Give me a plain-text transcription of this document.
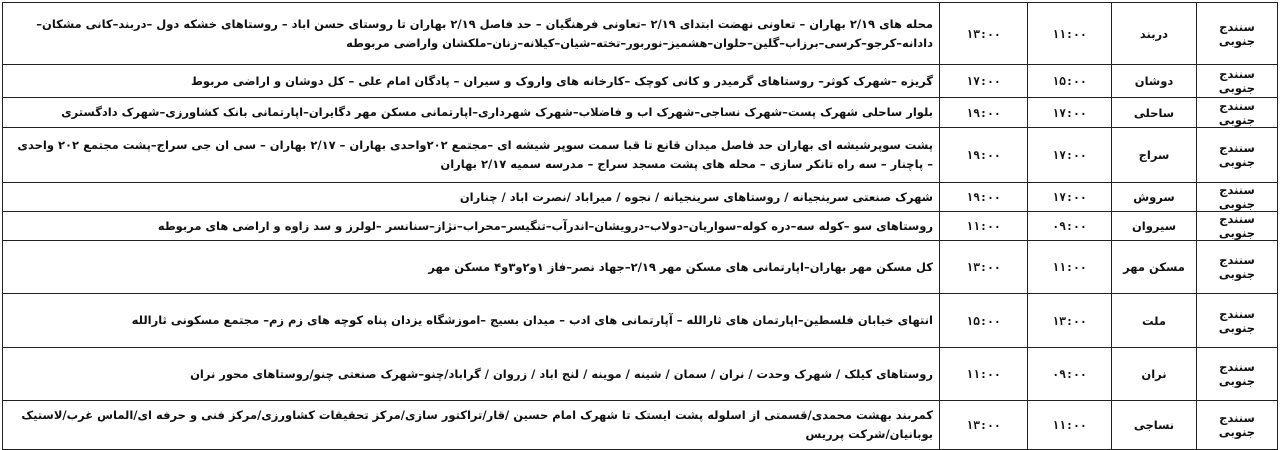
سنندج جنوبی	دربند	۱۱:۰۰	۱۳:۰۰	محله های ۲/۱۹ بهاران – تعاونی نهضت ابتدای ۲/۱۹ –تعاونی فرهنگیان – حد فاصل ۲/۱۹ بهاران تا روستای حسن اباد – روستاهای خشکه دول –دربند–کانی مشکان–دادانه–کرجو–کرسی–برزاب–گلین–حلوان–هشمیز–نوربور–تخته–شیان–کیلانه–زنان–ملکشان واراضی مربوطه
سنندج جنوبی	دوشان	۱۵:۰۰	۱۷:۰۰	گریزه –شهرک کوثر– روستاهای گرمیدر و کانی کوچک –کارخانه های واروک و سیران – پادگان امام علی – کل دوشان و اراضی مربوط
سنندج جنوبی	ساحلی	۱۷:۰۰	۱۹:۰۰	بلوار ساحلی شهرک پست–شهرک نساجی–شهرک اب و فاضلاب–شهرک شهرداری–اپارتمانی مسکن مهر دگایران–اپارتمانی بانک کشاورزی–شهرک دادگستری
سنندج جنوبی	سراج	۱۷:۰۰	۱۹:۰۰	پشت سوپرشیشه ای بهاران حد فاصل میدان قانع تا قبا سمت سوپر شیشه ای –مجتمع ۲۰۲واحدی بهاران – ۲/۱۷ بهاران – سی ان جی سراج–پشت مجتمع ۲۰۲ واحدی – پاچنار – سه راه تانکر سازی – محله های پشت مسجد سراج – مدرسه سمیه ۲/۱۷ بهاران
سنندج جنوبی	سروش	۱۷:۰۰	۱۹:۰۰	شهرک صنعتی سرینجیانه / روستاهای سرینجیانه / نجوه / میراباد /نصرت اباد / چناران
سنندج جنوبی	سیروان	۰۹:۰۰	۱۱:۰۰	روستاهای سو –کوله سه–دره کوله–سواریان–دولاب–درویشان–اندرآب–تنگیسر–محراب–نژاز–سنانسر –لولرز و سد زاوه و اراضی های مربوطه
سنندج جنوبی	مسکن مهر	۱۱:۰۰	۱۳:۰۰	کل مسکن مهر بهاران–اپارتمانی های مسکن مهر ۲/۱۹–جهاد نصر–فاز ۱و۲و۳و۴ مسکن مهر
سنندج جنوبی	ملت	۱۳:۰۰	۱۵:۰۰	انتهای خیابان فلسطین–اپارتمان های ثارالله – آپارتمانی های ادب – میدان بسیج –اموزشگاه یزدان پناه کوچه های زم زم– مجتمع مسکونی ثارالله
سنندج جنوبی	نران	۰۹:۰۰	۱۱:۰۰	روستاهای کیلک / شهرک وحدت / نران / سمان / شینه / موینه / لنج اباد / زروان / گراباد/چنو–شهرک صنعتی چنو/روستاهای محور نران
سنندج جنوبی	نساجی	۱۱:۰۰	۱۳:۰۰	کمربند بهشت محمدی/قسمتی از اسلوله پشت ایستک تا شهرک امام حسین /قار/تراکتور سازی/مرکز تحقیقات کشاورزی/مرکز فنی و حرفه ای/الماس غرب/لاستیک بوبانیان/شرکت پرریس
